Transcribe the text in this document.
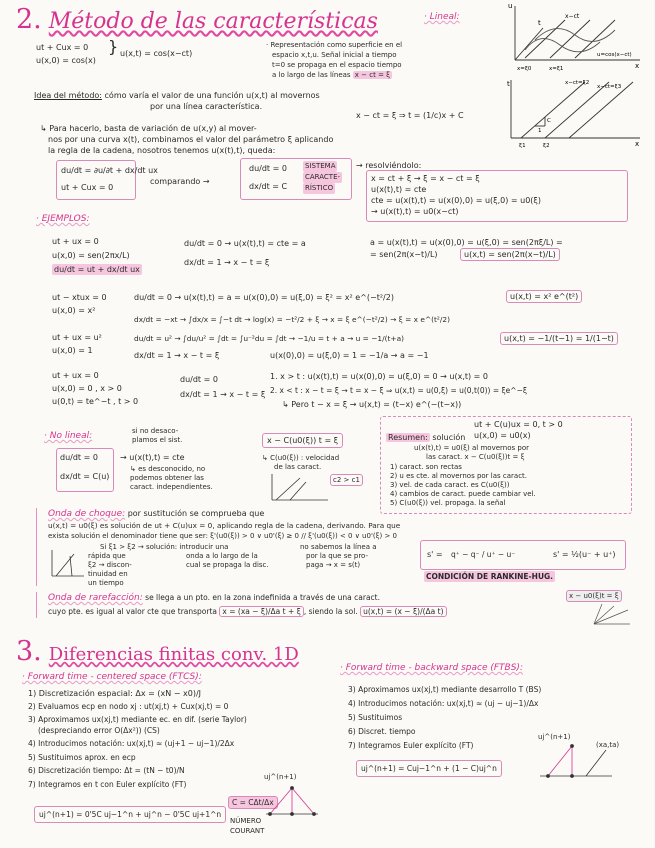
2. Método de las características	· Lineal:
u
x
t
x−ct
u=cos(x−ct)
x=ξ0	x=ξ1
t	x−ct=ξ2
x−ct=ξ3
C
1
x
ξ1	ξ2
ut + Cux = 0
u(x,0) = cos(x)
} u(x,t) = cos(x−ct)
· Representación como superficie en el
espacio x,t,u. Señal inicial a tiempo
t=0 se propaga en el espacio tiempo
a lo largo de las líneas x − ct = ξ
Idea del método: cómo varía el valor de una función u(x,t) al movernos
por una línea característica.
x − ct = ξ ⇒ t = (1/c)x + C
↳ Para hacerlo, basta de variación de u(x,y) al mover-
nos por una curva x(t), combinamos el valor del parámetro ξ aplicando
la regla de la cadena, nosotros tenemos u(x(t),t), queda:
du/dt = ∂u/∂t + dx/dt ux
ut + Cux = 0
comparando →
du/dt = 0
dx/dt = C
SISTEMA
CARACTE-
RÍSTICO
→ resolviéndolo:
x = ct + ξ → ξ = x − ct = ξ
u(x(t),t) = cte
cte = u(x(t),t) = u(x(0),0) = u(ξ,0) = u0(ξ)
→ u(x(t),t) = u0(x−ct)
· EJEMPLOS:
ut + ux = 0
u(x,0) = sen(2πx/L)
du/dt = ut + dx/dt ux
du/dt = 0 → u(x(t),t) = cte = a
dx/dt = 1 → x − t = ξ
a = u(x(t),t) = u(x(0),0) = u(ξ,0) = sen(2πξ/L) =
= sen(2π(x−t)/L)	u(x,t) = sen(2π(x−t)/L)
ut − xtux = 0
u(x,0) = x²
du/dt = 0 → u(x(t),t) = a = u(x(0),0) = u(ξ,0) = ξ² = x² e^(−t²/2)
dx/dt = −xt → ∫dx/x = ∫−t dt → log(x) = −t²/2 + ξ → x = ξ e^(−t²/2) → ξ = x e^(t²/2)
u(x,t) = x² e^(t²)
ut + ux = u²
u(x,0) = 1
du/dt = u² → ∫du/u² = ∫dt = ∫u⁻²du = ∫dt → −1/u = t + a → u = −1/(t+a)
dx/dt = 1 → x − t = ξ	u(x(0),0) = u(ξ,0) = 1 = −1/a → a = −1
u(x,t) = −1/(t−1) = 1/(1−t)
ut + ux = 0
u(x,0) = 0 , x > 0
u(0,t) = te^−t , t > 0
du/dt = 0
dx/dt = 1 → x − t = ξ
1. x > t : u(x(t),t) = u(x(0),0) = u(ξ,0) = 0 → u(x,t) = 0
2. x < t : x − t = ξ → t = x − ξ ⇒ u(x,t) = u(0,ξ) = u(0,t(0)) = ξe^−ξ
↳ Pero t − x = ξ → u(x,t) = (t−x) e^(−(t−x))
· No lineal:	si no desaco-
plamos el sist.
du/dt = 0
dx/dt = C(u)
→ u(x(t),t) = cte
↳ es desconocido, no
podemos obtener las
caract. independientes.
x − C(u0(ξ)) t = ξ
↳ C(u0(ξ)) : velocidad
de las caract.
c2 > c1
Resumen: solución
ut + C(u)ux = 0, t > 0
u(x,0) = u0(x)
u(x(t),t) = u0(ξ) al movernos por
las caract. x − C(u0(ξ))t = ξ
1) caract. son rectas
2) u es cte. al movernos por las caract.
3) vel. de cada caract. es C(u0(ξ))
4) cambios de caract. puede cambiar vel.
5) C(u0(ξ)) vel. propaga. la señal
Onda de choque: por sustitución se comprueba que
u(x,t) = u0(ξ) es solución de ut + C(u)ux = 0, aplicando regla de la cadena, derivando. Para que
exista solución el denominador tiene que ser: ξ'(u0(ξ)) > 0 ∨ u0'(ξ) ≥ 0 // ξ'(u0(ξ)) < 0 ∨ u0'(ξ) > 0
Si ξ1 > ξ2 → solución: introducir una
rápida que
ξ2 → discon-
tinuidad en
un tiempo
onda a lo largo de la
cual se propaga la disc.
no sabemos la línea a
por la que se pro-
paga → x = s(t)
s' = q⁺ − q⁻ / u⁺ − u⁻	s' = ½(u⁻ + u⁺)
CONDICIÓN DE RANKINE-HUG.
Onda de rarefacción: se llega a un pto. en la zona indefinida a través de una caract.
cuyo pte. es igual al valor cte que transporta x = (xa − ξ)/Δa t + ξ , siendo la sol. u(x,t) = (x − ξ)/(Δa t)
x − u0(ξ)t = ξ
3. Diferencias finitas conv. 1D
· Forward time - centered space (FTCS):
1) Discretización espacial: Δx = (xN − x0)/J
2) Evaluamos ecp en nodo xj : ut(xj,t) + Cux(xj,t) = 0
3) Aproximamos ux(xj,t) mediante ec. en dif. (serie Taylor)
(despreciando error O(Δx²)) (CS)
4) Introducimos notación: ux(xj,t) ≈ (uj+1 − uj−1)/2Δx
5) Sustituimos aprox. en ecp
6) Discretización tiempo: Δt = (tN − t0)/N
7) Integramos en t con Euler explícito (FT)
uj^(n+1)
uj^(n+1) = 0'5C uj−1^n + uj^n − 0'5C uj+1^n
C = CΔt/Δx
NÚMERO
COURANT
· Forward time - backward space (FTBS):
3) Aproximamos ux(xj,t) mediante desarrollo T (BS)
4) Introducimos notación: ux(xj,t) ≈ (uj − uj−1)/Δx
5) Sustituimos
6) Discret. tiempo
7) Integramos Euler explícito (FT)
uj^(n+1)
uj^(n+1) = Cuj−1^n + (1 − C)uj^n
(xa,ta)
